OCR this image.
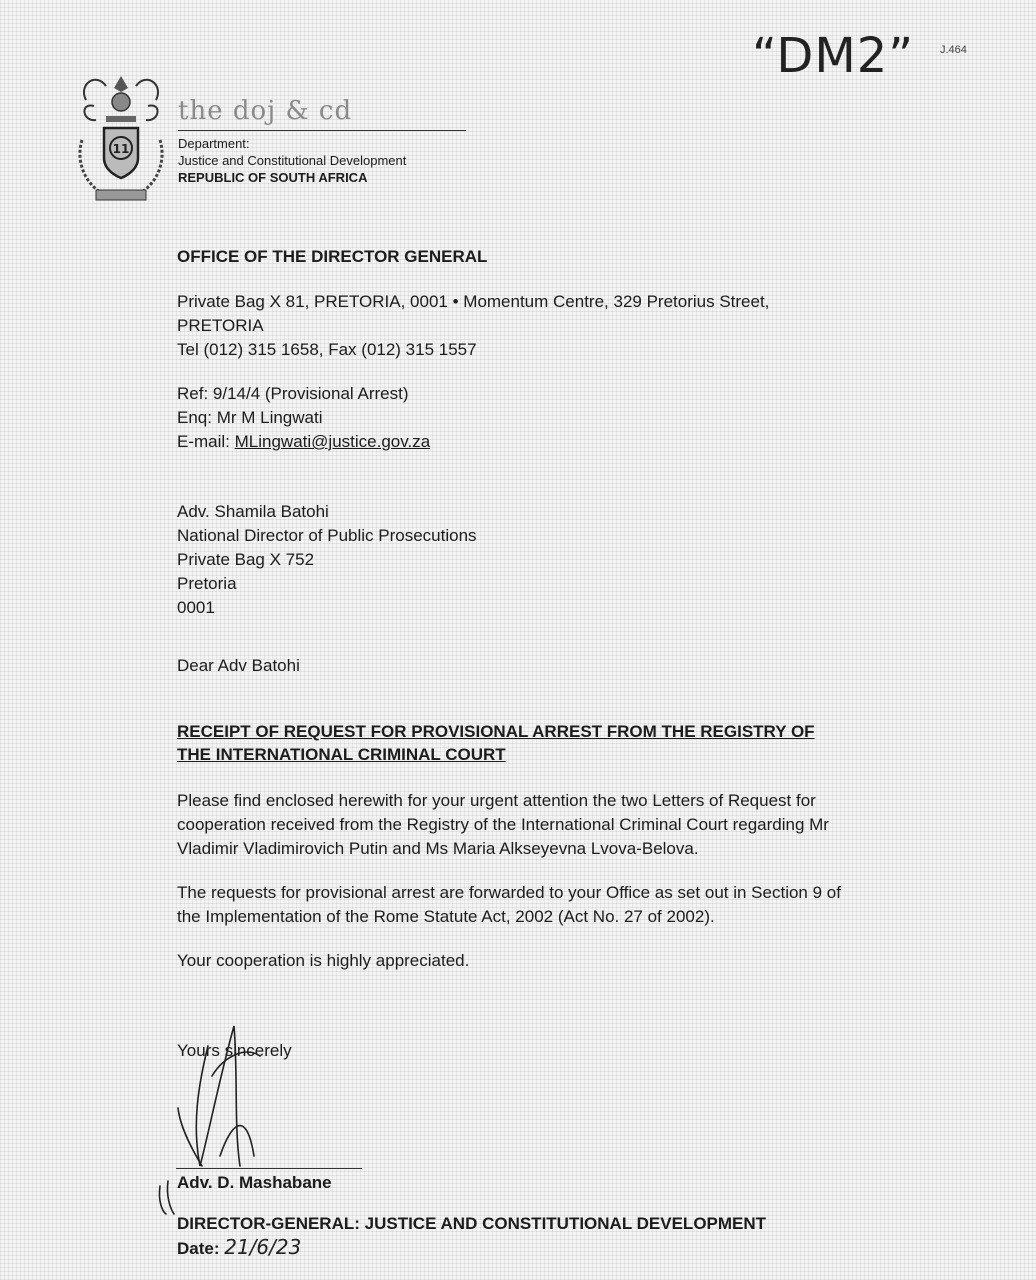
“DM2” J.464
11
the doj & cd
Department:
Justice and Constitutional Development
REPUBLIC OF SOUTH AFRICA
OFFICE OF THE DIRECTOR GENERAL
Private Bag X 81, PRETORIA, 0001 • Momentum Centre, 329 Pretorius Street,
PRETORIA
Tel (012) 315 1658, Fax (012) 315 1557
Ref: 9/14/4 (Provisional Arrest)
Enq: Mr M Lingwati
E-mail: MLingwati@justice.gov.za
Adv. Shamila Batohi
National Director of Public Prosecutions
Private Bag X 752
Pretoria
0001
Dear Adv Batohi
RECEIPT OF REQUEST FOR PROVISIONAL ARREST FROM THE REGISTRY OF
THE INTERNATIONAL CRIMINAL COURT
Please find enclosed herewith for your urgent attention the two Letters of Request for
cooperation received from the Registry of the International Criminal Court regarding Mr
Vladimir Vladimirovich Putin and Ms Maria Alkseyevna Lvova-Belova.
The requests for provisional arrest are forwarded to your Office as set out in Section 9 of
the Implementation of the Rome Statute Act, 2002 (Act No. 27 of 2002).
Your cooperation is highly appreciated.
Yours sincerely
Adv. D. Mashabane
DIRECTOR-GENERAL: JUSTICE AND CONSTITUTIONAL DEVELOPMENT
Date: 21/6/23
